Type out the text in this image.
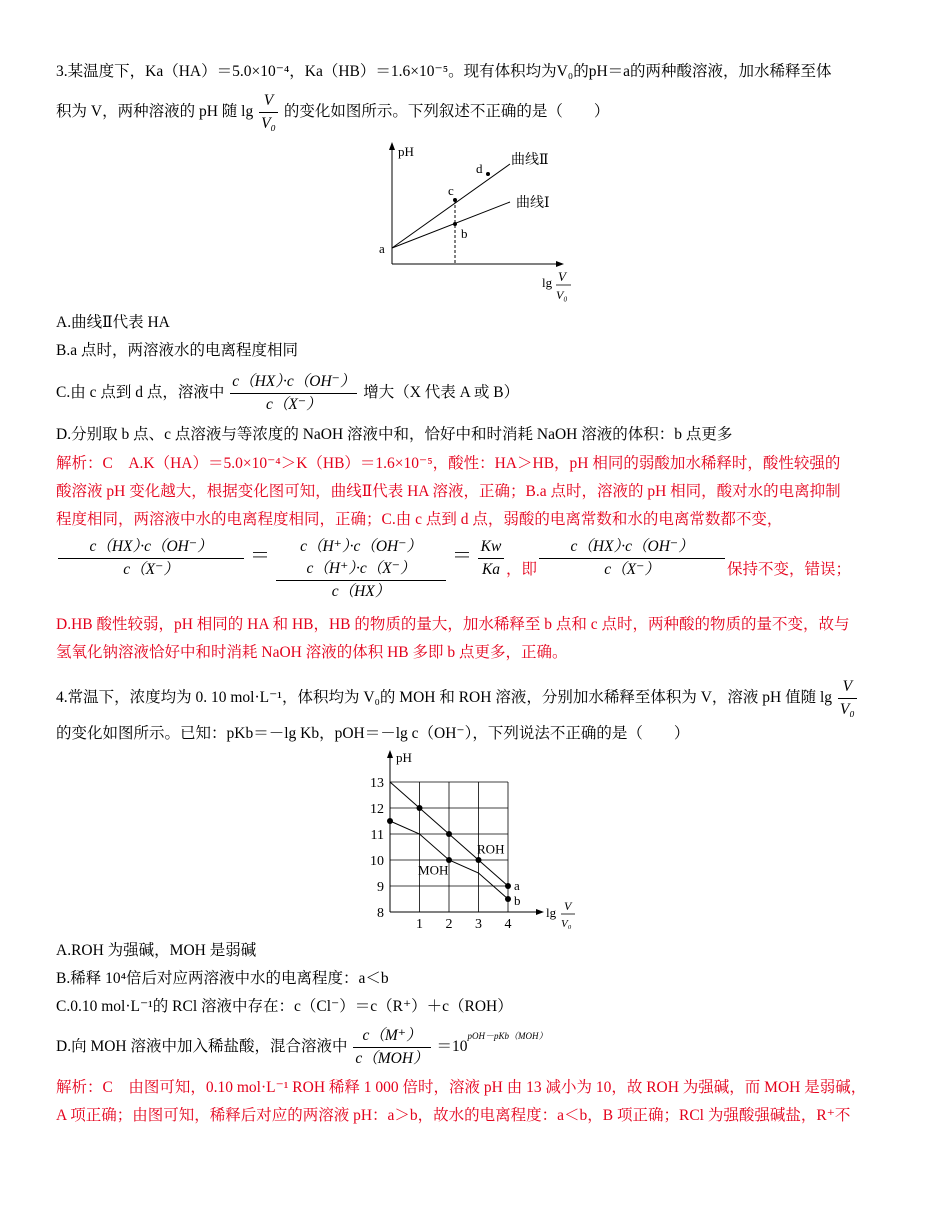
3.某温度下，Ka（HA）＝5.0×10⁻⁴，Ka（HB）＝1.6×10⁻⁵。现有体积均为V₀的pH＝a的两种酸溶液，加水稀释至体
积为 V，两种溶液的 pH 随 $\lg \frac{V}{\text{V₀}}$ 的变化如图所示。下列叙述不正确的是（　　）
pH
a
c
b
d
曲线Ⅱ
曲线Ⅰ
lg V
V₀
A.曲线Ⅱ代表 HA
B.a 点时，两溶液水的电离程度相同
C.由 c 点到 d 点，溶液中 $\frac{c(HX)\cdot c(OH^-)}{c(X^-)}$ 增大（X 代表 A 或 B）
D.分别取 b 点、c 点溶液与等浓度的 NaOH 溶液中和，恰好中和时消耗 NaOH 溶液的体积：b 点更多
解析：C　A.K（HA）＝5.0×10⁻⁴＞K（HB）＝1.6×10⁻⁵，酸性：HA＞HB，pH 相同的弱酸加水稀释时，酸性较强的
酸溶液 pH 变化越大，根据变化图可知，曲线Ⅱ代表 HA 溶液，正确；B.a 点时，溶液的 pH 相同，酸对水的电离抑制
程度相同，两溶液中水的电离程度相同，正确；C.由 c 点到 d 点，弱酸的电离常数和水的电离常数都不变，
$\frac{c(HX)\cdot c(OH^-)}{c(X^-)}$ ＝	c（H⁺）·c（OH⁻）
c（H⁺）·c（X⁻）
c（HX）
＝ $\frac{Kw}{Ka}$ ，即 $\frac{c(HX)\cdot c(OH^-)}{c(X^-)}$ 保持不变，错误；
D.HB 酸性较弱，pH 相同的 HA 和 HB，HB 的物质的量大，加水稀释至 b 点和 c 点时，两种酸的物质的量不变，故与
氢氧化钠溶液恰好中和时消耗 NaOH 溶液的体积 HB 多即 b 点更多，正确。
4.常温下，浓度均为 0. 10 mol·L⁻¹，体积均为 V₀的 MOH 和 ROH 溶液，分别加水稀释至体积为 V，溶液 pH 值随 $\lg \frac{V}{\text{V₀}}$
的变化如图所示。已知：pKb＝－lg Kb，pOH＝－lg c（OH⁻），下列说法不正确的是（　　）
8
9
10
11
12
13
1 2 3 4
a
b
ROH
MOH
pH
lg V
V₀
A.ROH 为强碱，MOH 是弱碱
B.稀释 10⁴倍后对应两溶液中水的电离程度：a＜b
C.0.10 mol·L⁻¹的 RCl 溶液中存在：c（Cl⁻）＝c（R⁺）＋c（ROH）
D.向 MOH 溶液中加入稀盐酸，混合溶液中 $\frac{c(M^+)}{\text{c（MOH）}} =10^{pOH-pKb(MOH)}$
解析：C　由图可知，0.10 mol·L⁻¹ ROH 稀释 1 000 倍时，溶液 pH 由 13 减小为 10，故 ROH 为强碱，而 MOH 是弱碱，
A 项正确；由图可知，稀释后对应的两溶液 pH：a＞b，故水的电离程度：a＜b，B 项正确；RCl 为强酸强碱盐，R⁺不
